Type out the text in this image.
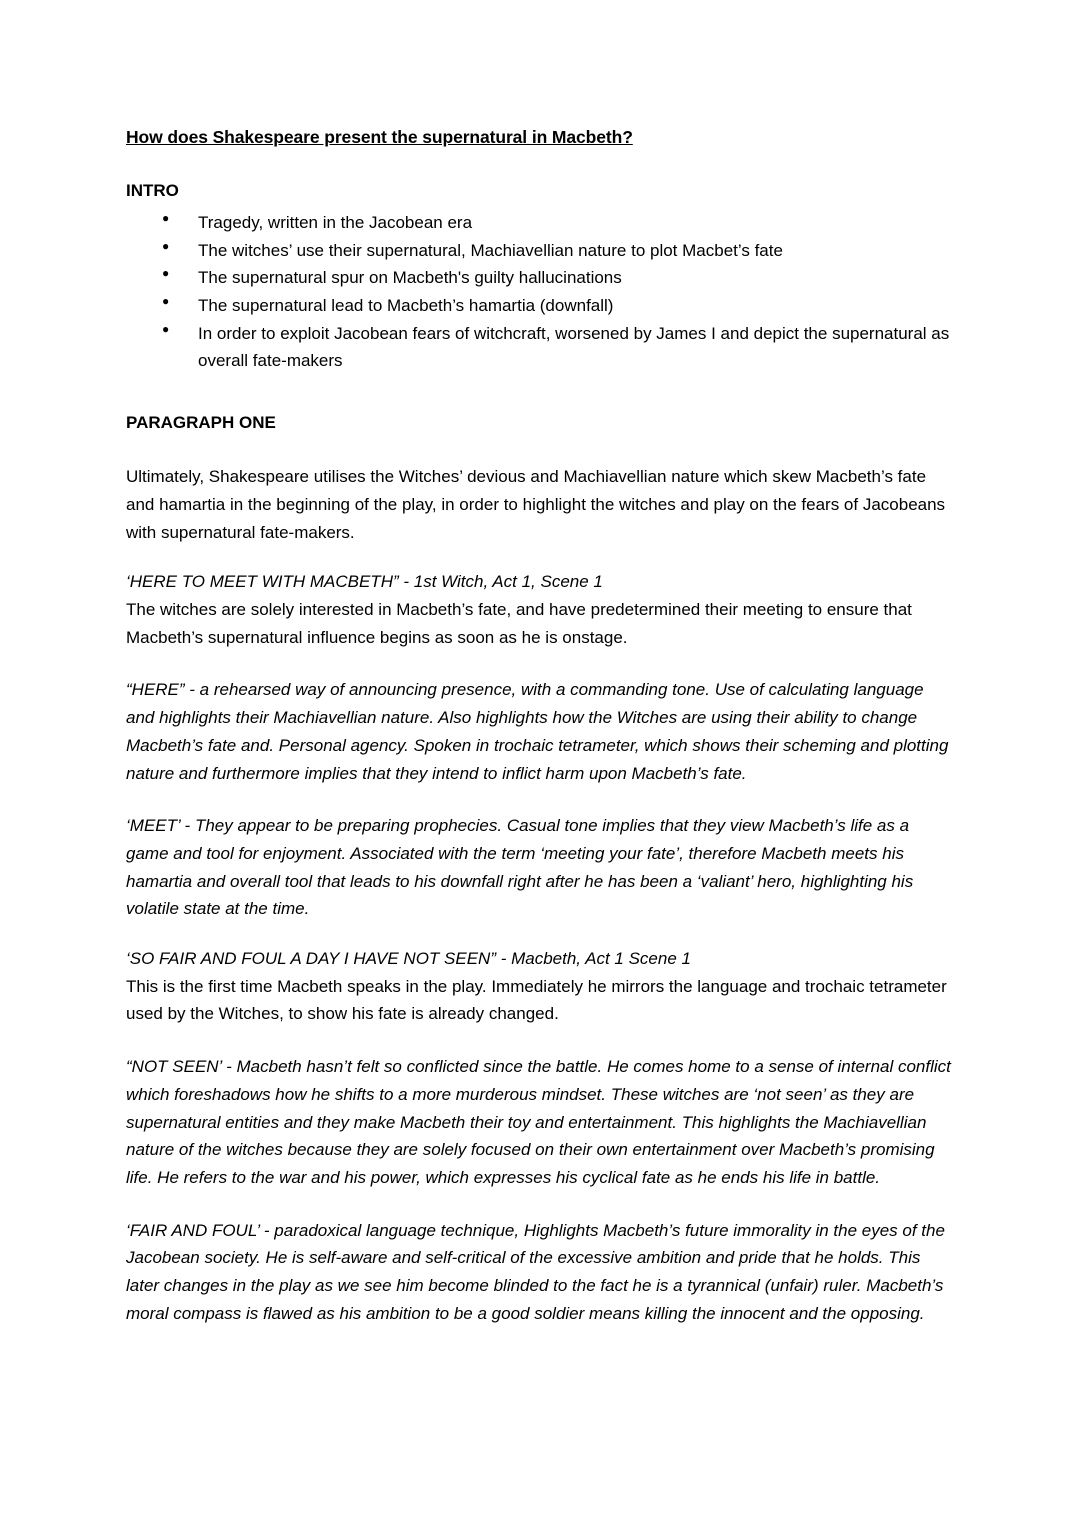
How does Shakespeare present the supernatural in Macbeth?
INTRO
● Tragedy, written in the Jacobean era
● The witches’ use their supernatural, Machiavellian nature to plot Macbet’s fate
● The supernatural spur on Macbeth's guilty hallucinations
● The supernatural lead to Macbeth’s hamartia (downfall)
● In order to exploit Jacobean fears of witchcraft, worsened by James I and depict the supernatural as overall fate-makers
PARAGRAPH ONE

Ultimately, Shakespeare utilises the Witches’ devious and Machiavellian nature which skew Macbeth’s fate and hamartia in the beginning of the play, in order to highlight the witches and play on the fears of Jacobeans with supernatural fate-makers.

‘HERE TO MEET WITH MACBETH” - 1st Witch, Act 1, Scene 1

The witches are solely interested in Macbeth’s fate, and have predetermined their meeting to ensure that Macbeth’s supernatural influence begins as soon as he is onstage.

“HERE” - a rehearsed way of announcing presence, with a commanding tone. Use of calculating language and highlights their Machiavellian nature. Also highlights how the Witches are using their ability to change Macbeth’s fate and. Personal agency. Spoken in trochaic tetrameter, which shows their scheming and plotting nature and furthermore implies that they intend to inflict harm upon Macbeth’s fate.

‘MEET’ - They appear to be preparing prophecies. Casual tone implies that they view Macbeth’s life as a game and tool for enjoyment. Associated with the term ‘meeting your fate’, therefore Macbeth meets his hamartia and overall tool that leads to his downfall right after he has been a ‘valiant’ hero, highlighting his volatile state at the time.

‘SO FAIR AND FOUL A DAY I HAVE NOT SEEN” - Macbeth, Act 1 Scene 1

This is the first time Macbeth speaks in the play. Immediately he mirrors the language and trochaic tetrameter used by the Witches, to show his fate is already changed.

“NOT SEEN’ - Macbeth hasn’t felt so conflicted since the battle. He comes home to a sense of internal conflict which foreshadows how he shifts to a more murderous mindset. These witches are ‘not seen’ as they are supernatural entities and they make Macbeth their toy and entertainment. This highlights the Machiavellian nature of the witches because they are solely focused on their own entertainment over Macbeth’s promising life. He refers to the war and his power, which expresses his cyclical fate as he ends his life in battle.

‘FAIR AND FOUL’ - paradoxical language technique, Highlights Macbeth’s future immorality in the eyes of the Jacobean society. He is self-aware and self-critical of the excessive ambition and pride that he holds. This later changes in the play as we see him become blinded to the fact he is a tyrannical (unfair) ruler. Macbeth’s moral compass is flawed as his ambition to be a good soldier means killing the innocent and the opposing.
